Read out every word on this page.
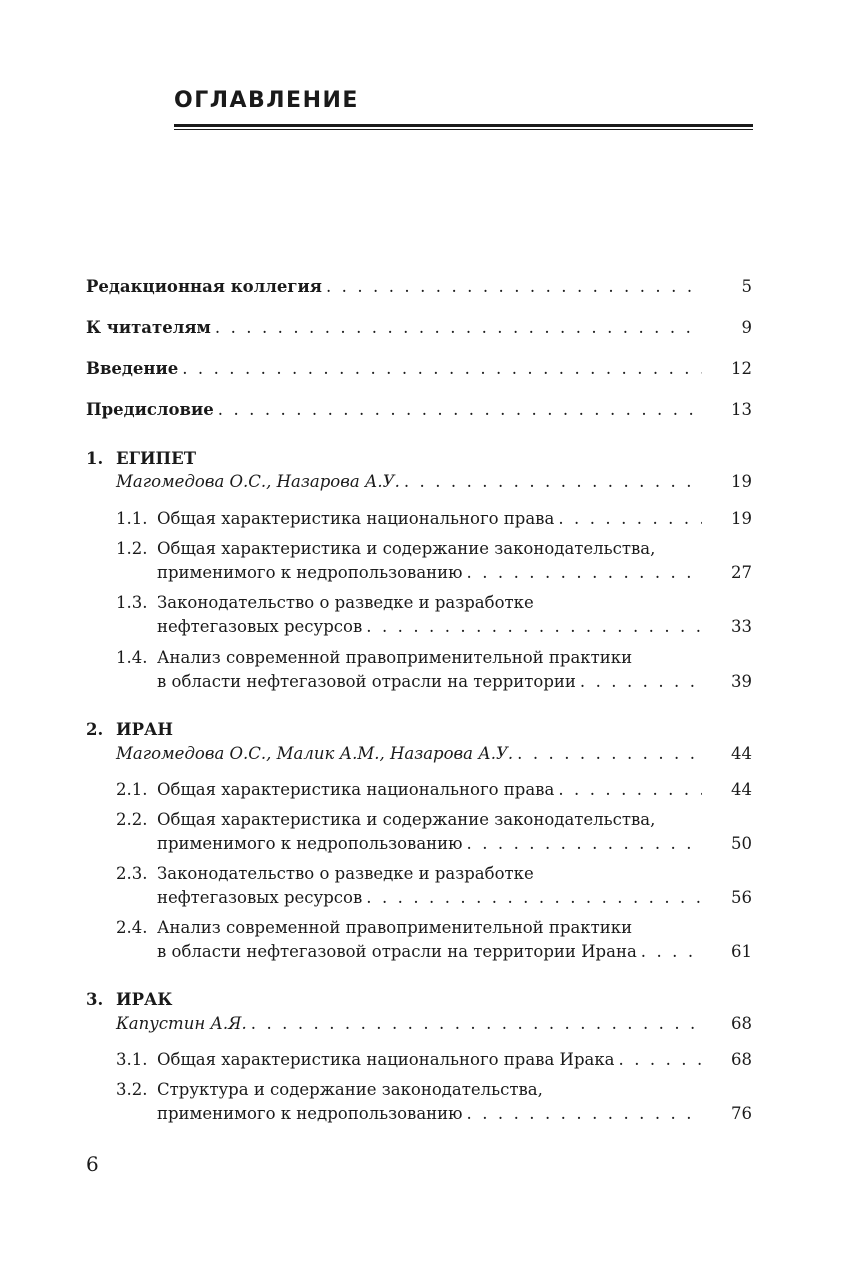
ОГЛАВЛЕНИЕ
Редакционная коллегия . . .	5
К читателям . . .	9
Введение . . .	12
Предисловие . . .	13
1. ЕГИПЕТ
Магомедова О.С., Назарова А.У. . . .	19
1.1. Общая характеристика национального права . . .	19
1.2. Общая характеристика и содержание законодательства,
применимого к недропользованию . . .	27
1.3. Законодательство о разведке и разработке
нефтегазовых ресурсов . . .	33
1.4. Анализ современной правоприменительной практики
в области нефтегазовой отрасли на территории . . .	39
2. ИРАН
Магомедова О.С., Малик А.М., Назарова А.У. . . .	44
2.1. Общая характеристика национального права . . .	44
2.2. Общая характеристика и содержание законодательства,
применимого к недропользованию . . .	50
2.3. Законодательство о разведке и разработке
нефтегазовых ресурсов . . .	56
2.4. Анализ современной правоприменительной практики
в области нефтегазовой отрасли на территории Ирана . . .	61
3. ИРАК
Капустин А.Я. . . .	68
3.1. Общая характеристика национального права Ирака . . .	68
3.2. Структура и содержание законодательства,
применимого к недропользованию . . .	76
6
